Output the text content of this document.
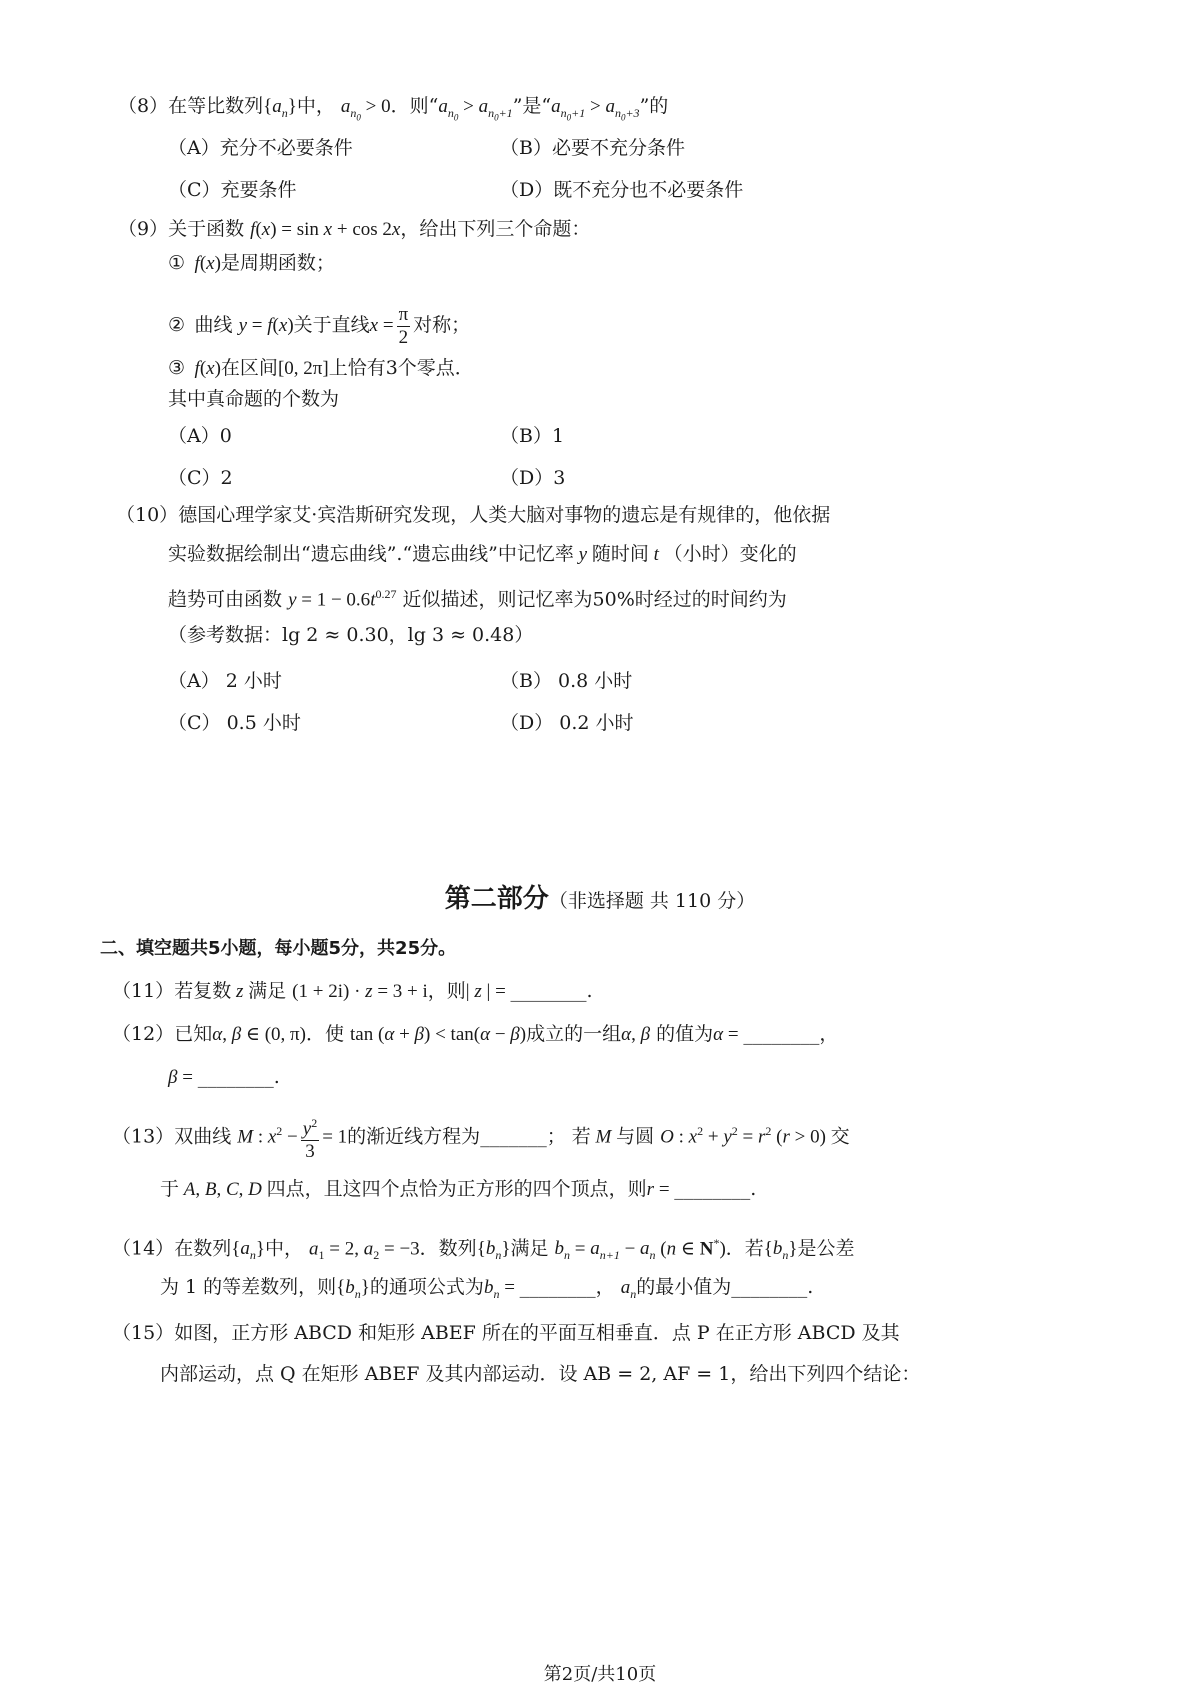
（8）在等比数列$\{a_n\}$中， $a_{n_0} > 0$．则“$a_{n_0} > a_{n_0+1}$”是“$a_{n_0+1} > a_{n_0+3}$”的
（A）充分不必要条件	（B）必要不充分条件
（C）充要条件	（D）既不充分也不必要条件
（9）关于函数 f(x) = sin x + cos 2x，给出下列三个命题：
①  f(x)是周期函数；
②  曲线 y = f(x)关于直线$x = \frac{\pi}{2}$ 对称；
③  f(x)在区间[0, 2π]上恰有3个零点．
其中真命题的个数为
（A）0	（B）1
（C）2	（D）3
（10）德国心理学家艾·宾浩斯研究发现，人类大脑对事物的遗忘是有规律的，他依据
实验数据绘制出“遗忘曲线”.“遗忘曲线”中记忆率 y 随时间 t （小时）变化的
趋势可由函数 $y = 1 - 0.6t^{0.27}$ 近似描述，则记忆率为50%时经过的时间约为
（参考数据：lg 2 ≈ 0.30，lg 3 ≈ 0.48）
（A） 2 小时	（B） 0.8 小时
（C） 0.5 小时	（D） 0.2 小时
第二部分（非选择题 共 110 分）
二、填空题共5小题，每小题5分，共25分。
（11）若复数 z 满足 (1 + 2i) · z = 3 + i，则| z | = ________.
（12）已知α, β ∈ (0, π)．使 tan (α + β) < tan(α − β)成立的一组α, β 的值为α = ________，
β = ________.
（13）双曲线 M : $x^2 - \frac{y^2}{3} = 1$的渐近线方程为_______； 若 M 与圆 O : $x^2 + y^2 = r^2$ (r > 0) 交
于 A, B, C, D 四点，且这四个点恰为正方形的四个顶点，则r = ________.
（14）在数列$\{a_n\}$中， $a_1 = 2$, $a_2 = -3$．数列$\{b_n\}$满足 $b_n = a_{n+1} - a_n$ (n ∈ N*)．若$\{b_n\}$是公差
为 1 的等差数列，则$\{b_n\}$的通项公式为$b_n$ = ________， $a_n$的最小值为________.
（15）如图，正方形 ABCD 和矩形 ABEF 所在的平面互相垂直．点 P 在正方形 ABCD 及其
内部运动，点 Q 在矩形 ABEF 及其内部运动．设 AB = 2, AF = 1，给出下列四个结论：
第2页/共10页
